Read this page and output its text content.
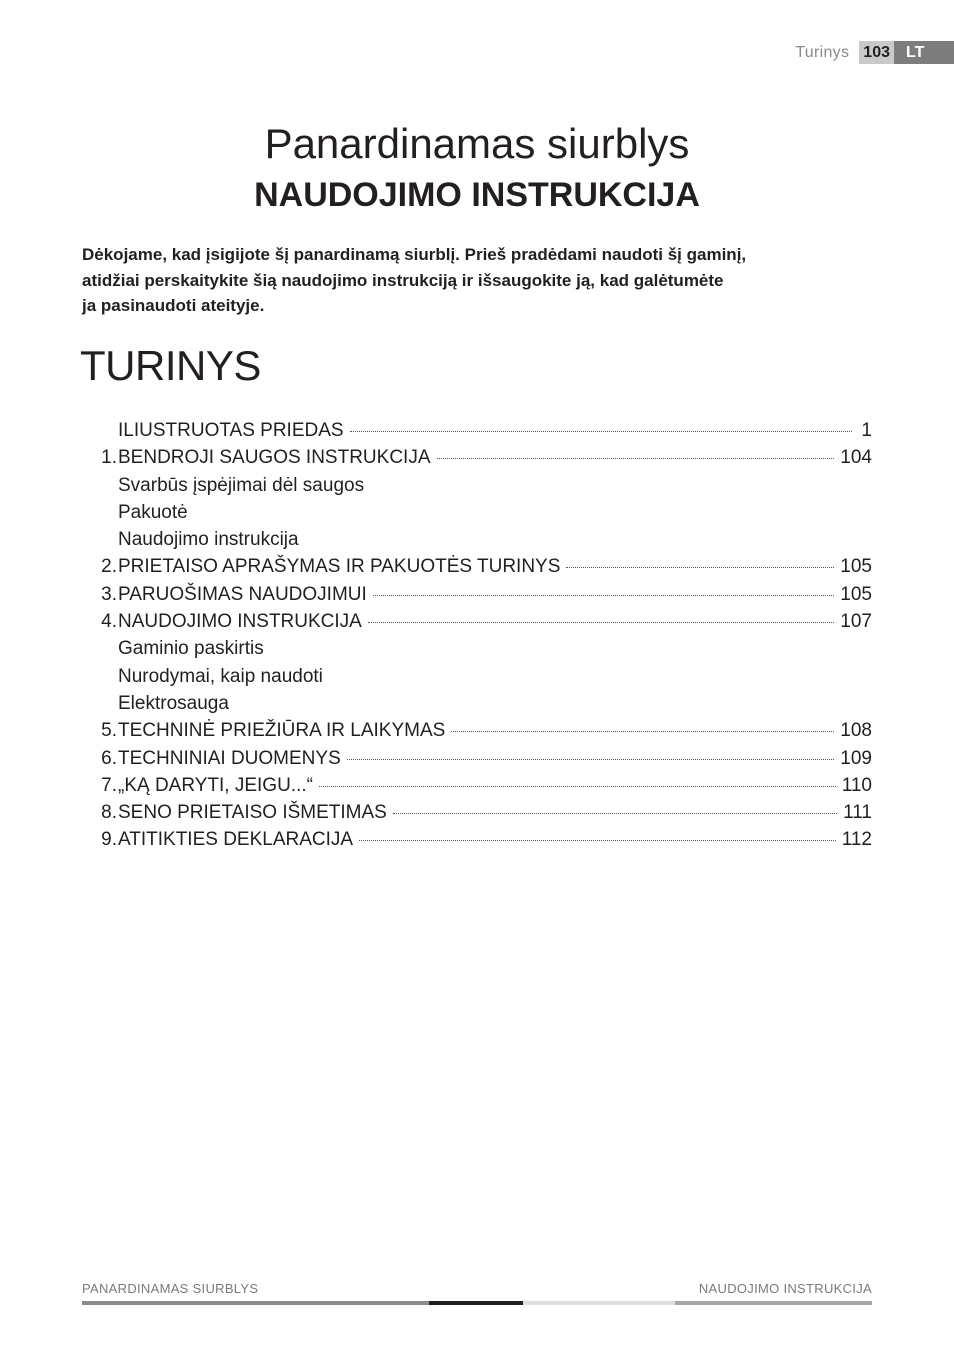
Turinys 103	LT
Panardinamas siurblys
NAUDOJIMO INSTRUKCIJA
Dėkojame, kad įsigijote šį panardinamą siurblį. Prieš pradėdami naudoti šį gaminį,
atidžiai perskaitykite šią naudojimo instrukciją ir išsaugokite ją, kad galėtumėte
ja pasinaudoti ateityje.
TURINYS

ILIUSTRUOTAS PRIEDAS	1
1. BENDROJI SAUGOS INSTRUKCIJA	104
Svarbūs įspėjimai dėl saugos
Pakuotė
Naudojimo instrukcija
2. PRIETAISO APRAŠYMAS IR PAKUOTĖS TURINYS	105
3. PARUOŠIMAS NAUDOJIMUI	105
4. NAUDOJIMO INSTRUKCIJA	107
Gaminio paskirtis
Nurodymai, kaip naudoti
Elektrosauga
5. TECHNINĖ PRIEŽIŪRA IR LAIKYMAS	108
6. TECHNINIAI DUOMENYS	109
7. „KĄ DARYTI, JEIGU...“	110
8. SENO PRIETAISO IŠMETIMAS	111
9. ATITIKTIES DEKLARACIJA	112
PANARDINAMAS SIURBLYS	NAUDOJIMO INSTRUKCIJA
